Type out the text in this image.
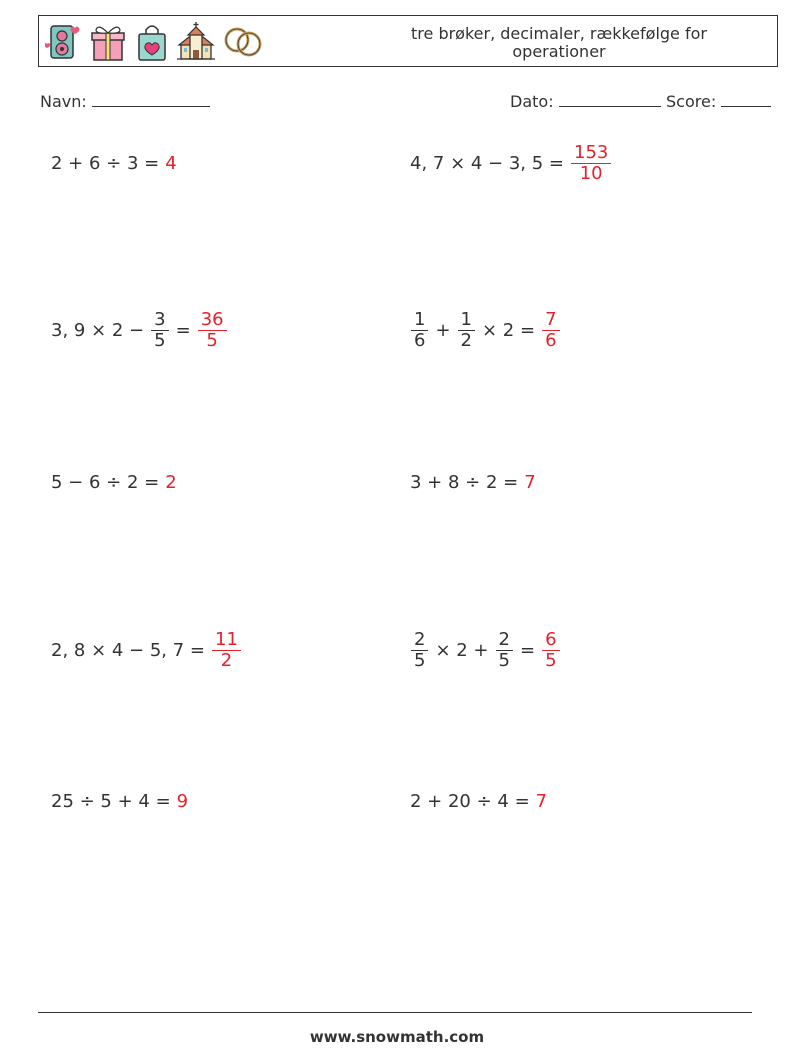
tre brøker, decimaler, rækkefølge for operationer
Navn:	Dato:	Score:
2 + 6 ÷ 3 = 4	4, 7 × 4 − 3, $5 = \frac{153}{10}$
3, $9 \times 2 - \frac{3}{5} = \frac{36}{5}$	$\frac{1}{6} + \frac{1}{2} \times 2 = \frac{7}{6}$
5 − 6 ÷ 2 = 2	3 + 8 ÷ 2 = 7
2, 8 × 4 − 5, $7 = \frac{11}{2}$	$\frac{2}{5} \times 2 + \frac{2}{5} = \frac{6}{5}$
25 ÷ 5 + 4 = 9	2 + 20 ÷ 4 = 7
www.snowmath.com
